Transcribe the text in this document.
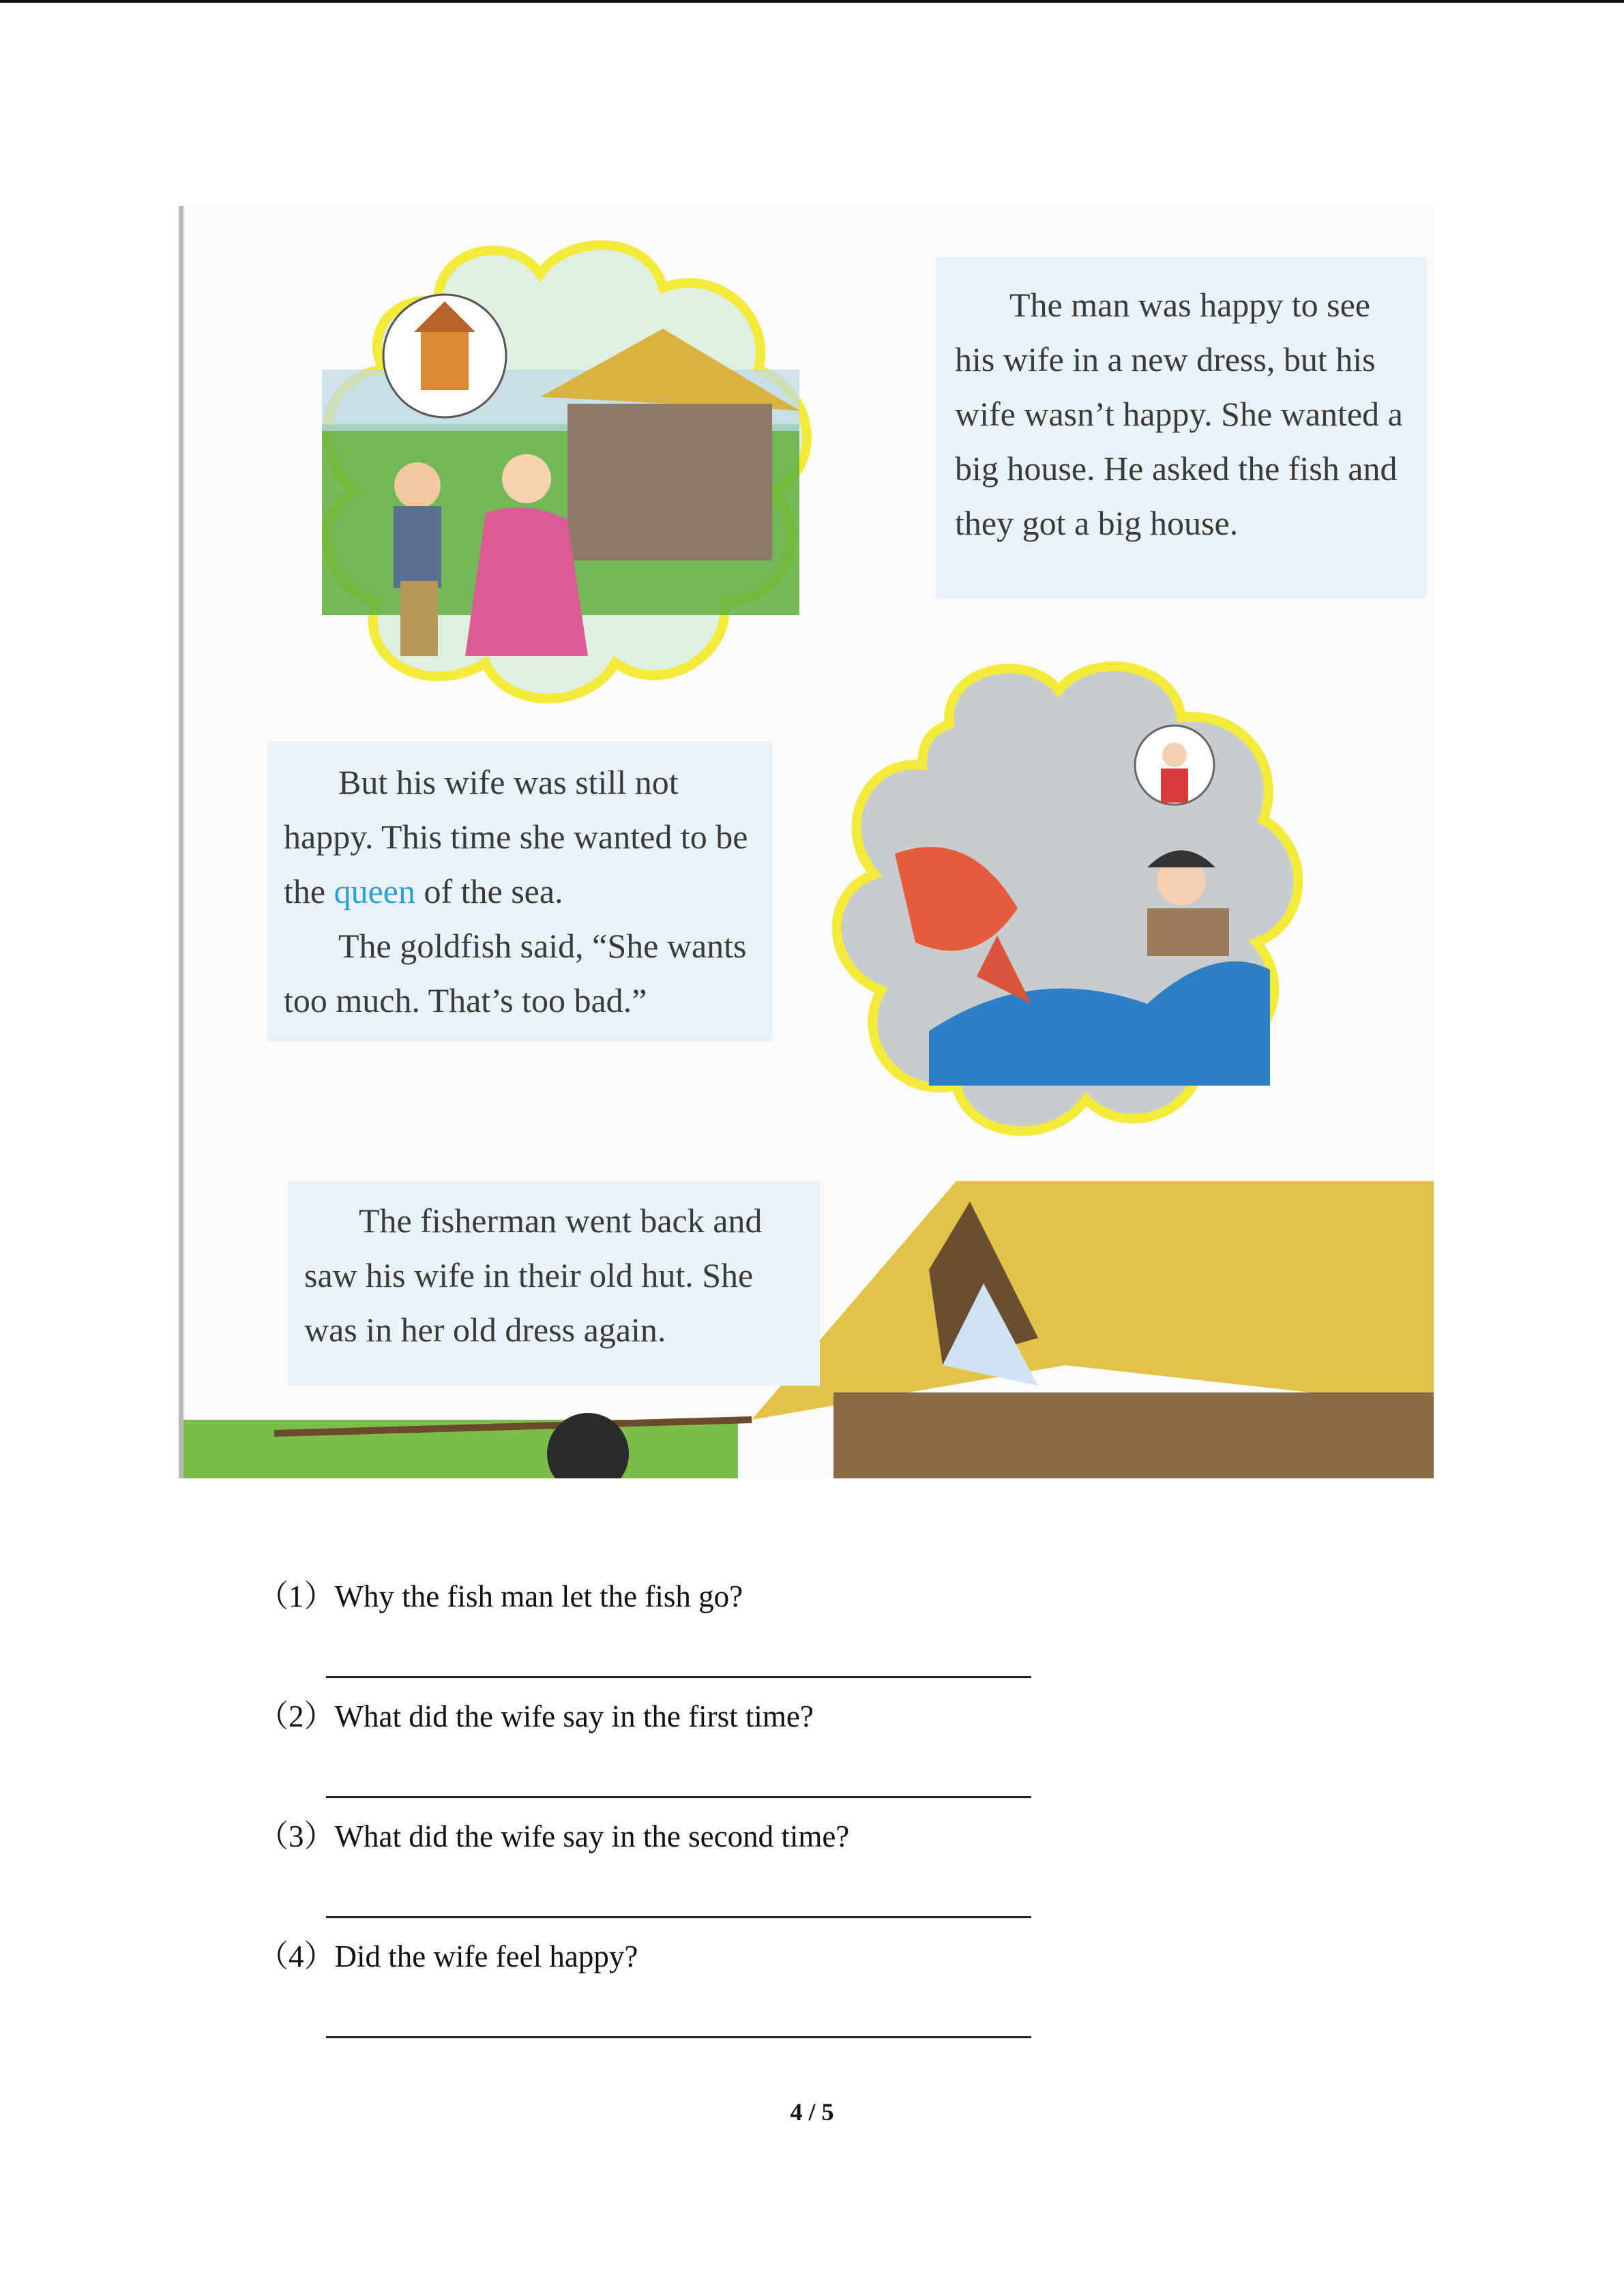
The man was happy to see his wife in a new dress, but his wife wasn’t happy. She wanted a big house. He asked the fish and they got a big house.

But his wife was still not happy. This time she wanted to be the queen of the sea.

The goldfish said, “She wants too much. That’s too bad.”

The fisherman went back and saw his wife in their old hut. She was in her old dress again.

（1）Why the fish man let the fish go?
（2）What did the wife say in the first time?
（3）What did the wife say in the second time?
（4）Did the wife feel happy?
4 / 5
